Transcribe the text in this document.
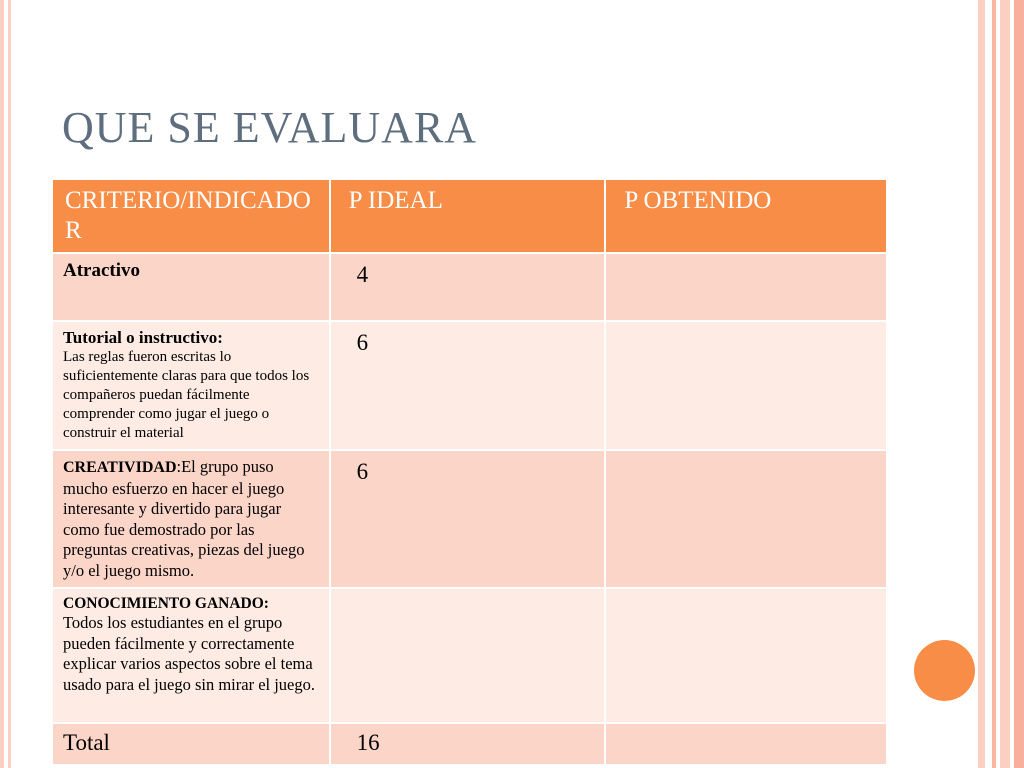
QUE SE EVALUARA
CRITERIO/INDICADOR	P IDEAL	P OBTENIDO
Atractivo	4	

Tutorial o instructivo:
Las reglas fueron escritas lo suficientemente claras para que todos los compañeros puedan fácilmente comprender como jugar el juego o construir el material	6	

CREATIVIDAD:El grupo puso mucho esfuerzo en hacer el juego interesante y divertido para jugar como fue demostrado por las preguntas creativas, piezas del juego y/o el juego mismo.	6	

CONOCIMIENTO GANADO:
Todos los estudiantes en el grupo pueden fácilmente y correctamente explicar varios aspectos sobre el tema usado para el juego sin mirar el juego.		

Total	16	
